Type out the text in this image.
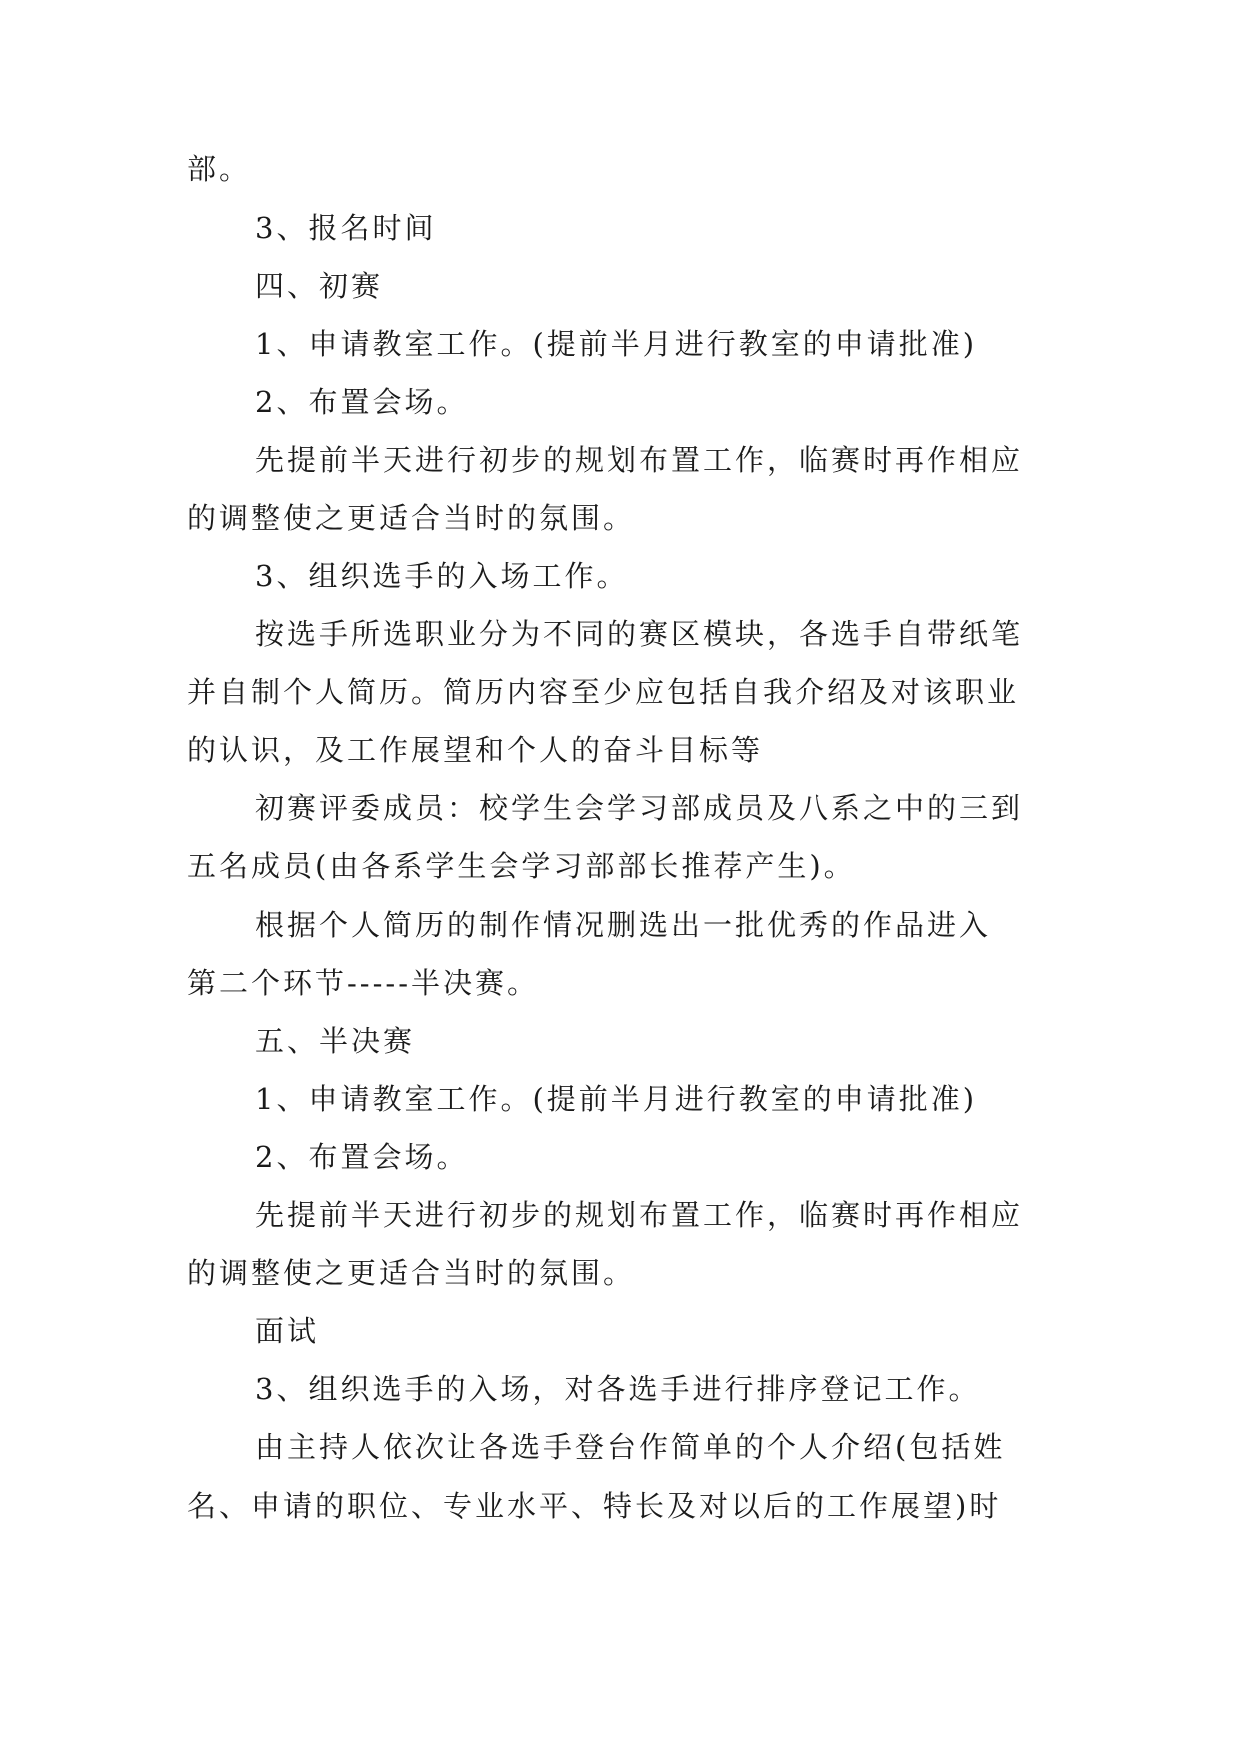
部。
3、报名时间
四、初赛
1、申请教室工作。(提前半月进行教室的申请批准)
2、布置会场。
先提前半天进行初步的规划布置工作，临赛时再作相应
的调整使之更适合当时的氛围。
3、组织选手的入场工作。
按选手所选职业分为不同的赛区模块，各选手自带纸笔
并自制个人简历。简历内容至少应包括自我介绍及对该职业
的认识，及工作展望和个人的奋斗目标等
初赛评委成员：校学生会学习部成员及八系之中的三到
五名成员(由各系学生会学习部部长推荐产生)。
根据个人简历的制作情况删选出一批优秀的作品进入
第二个环节-----半决赛。
五、半决赛
1、申请教室工作。(提前半月进行教室的申请批准)
2、布置会场。
先提前半天进行初步的规划布置工作，临赛时再作相应
的调整使之更适合当时的氛围。
面试
3、组织选手的入场，对各选手进行排序登记工作。
由主持人依次让各选手登台作简单的个人介绍(包括姓
名、申请的职位、专业水平、特长及对以后的工作展望)时
